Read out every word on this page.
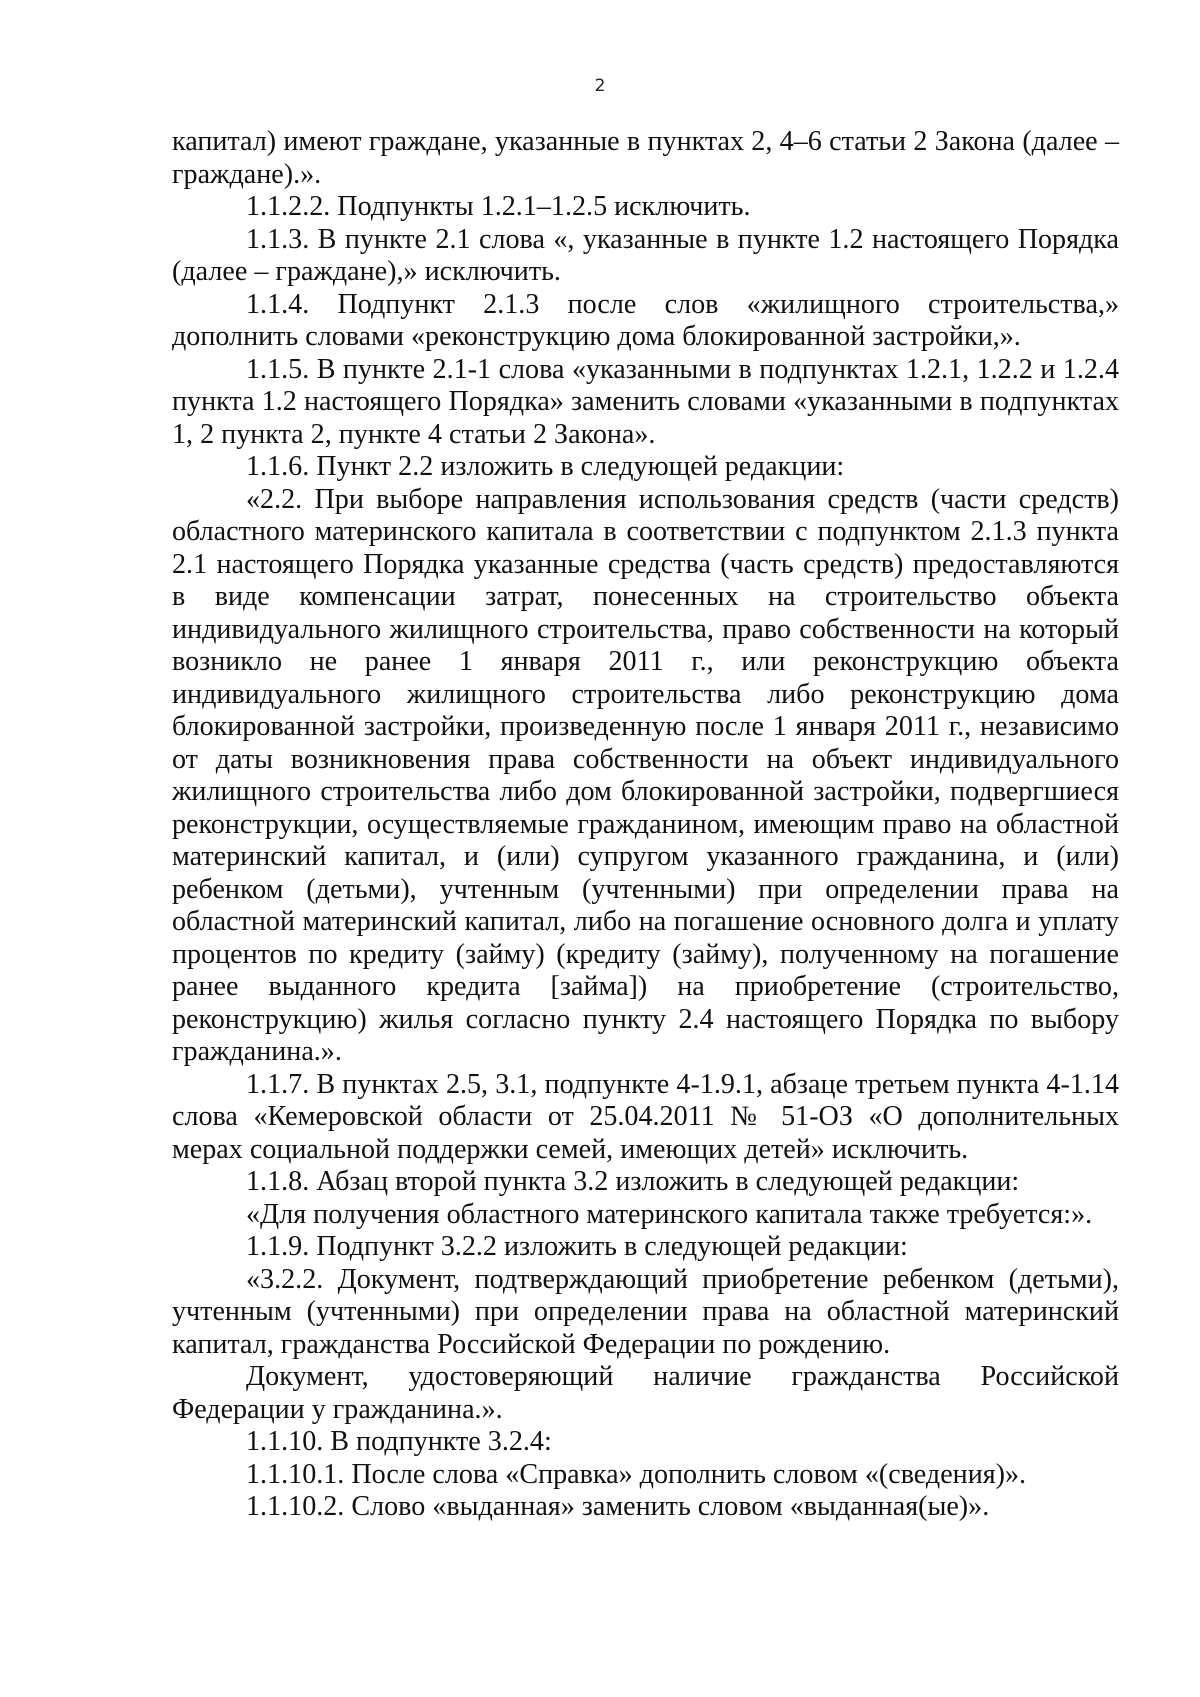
2

капитал) имеют граждане, указанные в пунктах 2, 4–6 статьи 2 Закона (далее – граждане).».

1.1.2.2. Подпункты 1.2.1–1.2.5 исключить.

1.1.3. В пункте 2.1 слова «, указанные в пункте 1.2 настоящего Порядка (далее – граждане),» исключить.

1.1.4. Подпункт 2.1.3 после слов «жилищного строительства,» дополнить словами «реконструкцию дома блокированной застройки,».

1.1.5. В пункте 2.1-1 слова «указанными в подпунктах 1.2.1, 1.2.2 и 1.2.4 пункта 1.2 настоящего Порядка» заменить словами «указанными в подпунктах 1, 2 пункта 2, пункте 4 статьи 2 Закона».

1.1.6. Пункт 2.2 изложить в следующей редакции:

«2.2. При выборе направления использования средств (части средств) областного материнского капитала в соответствии с подпунктом 2.1.3 пункта 2.1 настоящего Порядка указанные средства (часть средств) предоставляются в виде компенсации затрат, понесенных на строительство объекта индивидуального жилищного строительства, право собственности на который возникло не ранее 1 января 2011 г., или реконструкцию объекта индивидуального жилищного строительства либо реконструкцию дома блокированной застройки, произведенную после 1 января 2011 г., независимо от даты возникновения права собственности на объект индивидуального жилищного строительства либо дом блокированной застройки, подвергшиеся реконструкции, осуществляемые гражданином, имеющим право на областной материнский капитал, и (или) супругом указанного гражданина, и (или) ребенком (детьми), учтенным (учтенными) при определении права на областной материнский капитал, либо на погашение основного долга и уплату процентов по кредиту (займу) (кредиту (займу), полученному на погашение ранее выданного кредита [займа]) на приобретение (строительство, реконструкцию) жилья согласно пункту 2.4 настоящего Порядка по выбору гражданина.».

1.1.7. В пунктах 2.5, 3.1, подпункте 4-1.9.1, абзаце третьем пункта 4-1.14 слова «Кемеровской области от 25.04.2011 № 51-ОЗ «О дополнительных мерах социальной поддержки семей, имеющих детей» исключить.

1.1.8. Абзац второй пункта 3.2 изложить в следующей редакции:

«Для получения областного материнского капитала также требуется:».

1.1.9. Подпункт 3.2.2 изложить в следующей редакции:

«3.2.2. Документ, подтверждающий приобретение ребенком (детьми), учтенным (учтенными) при определении права на областной материнский капитал, гражданства Российской Федерации по рождению.

Документ, удостоверяющий наличие гражданства Российской Федерации у гражданина.».

1.1.10. В подпункте 3.2.4:

1.1.10.1. После слова «Справка» дополнить словом «(сведения)».

1.1.10.2. Слово «выданная» заменить словом «выданная(ые)».
